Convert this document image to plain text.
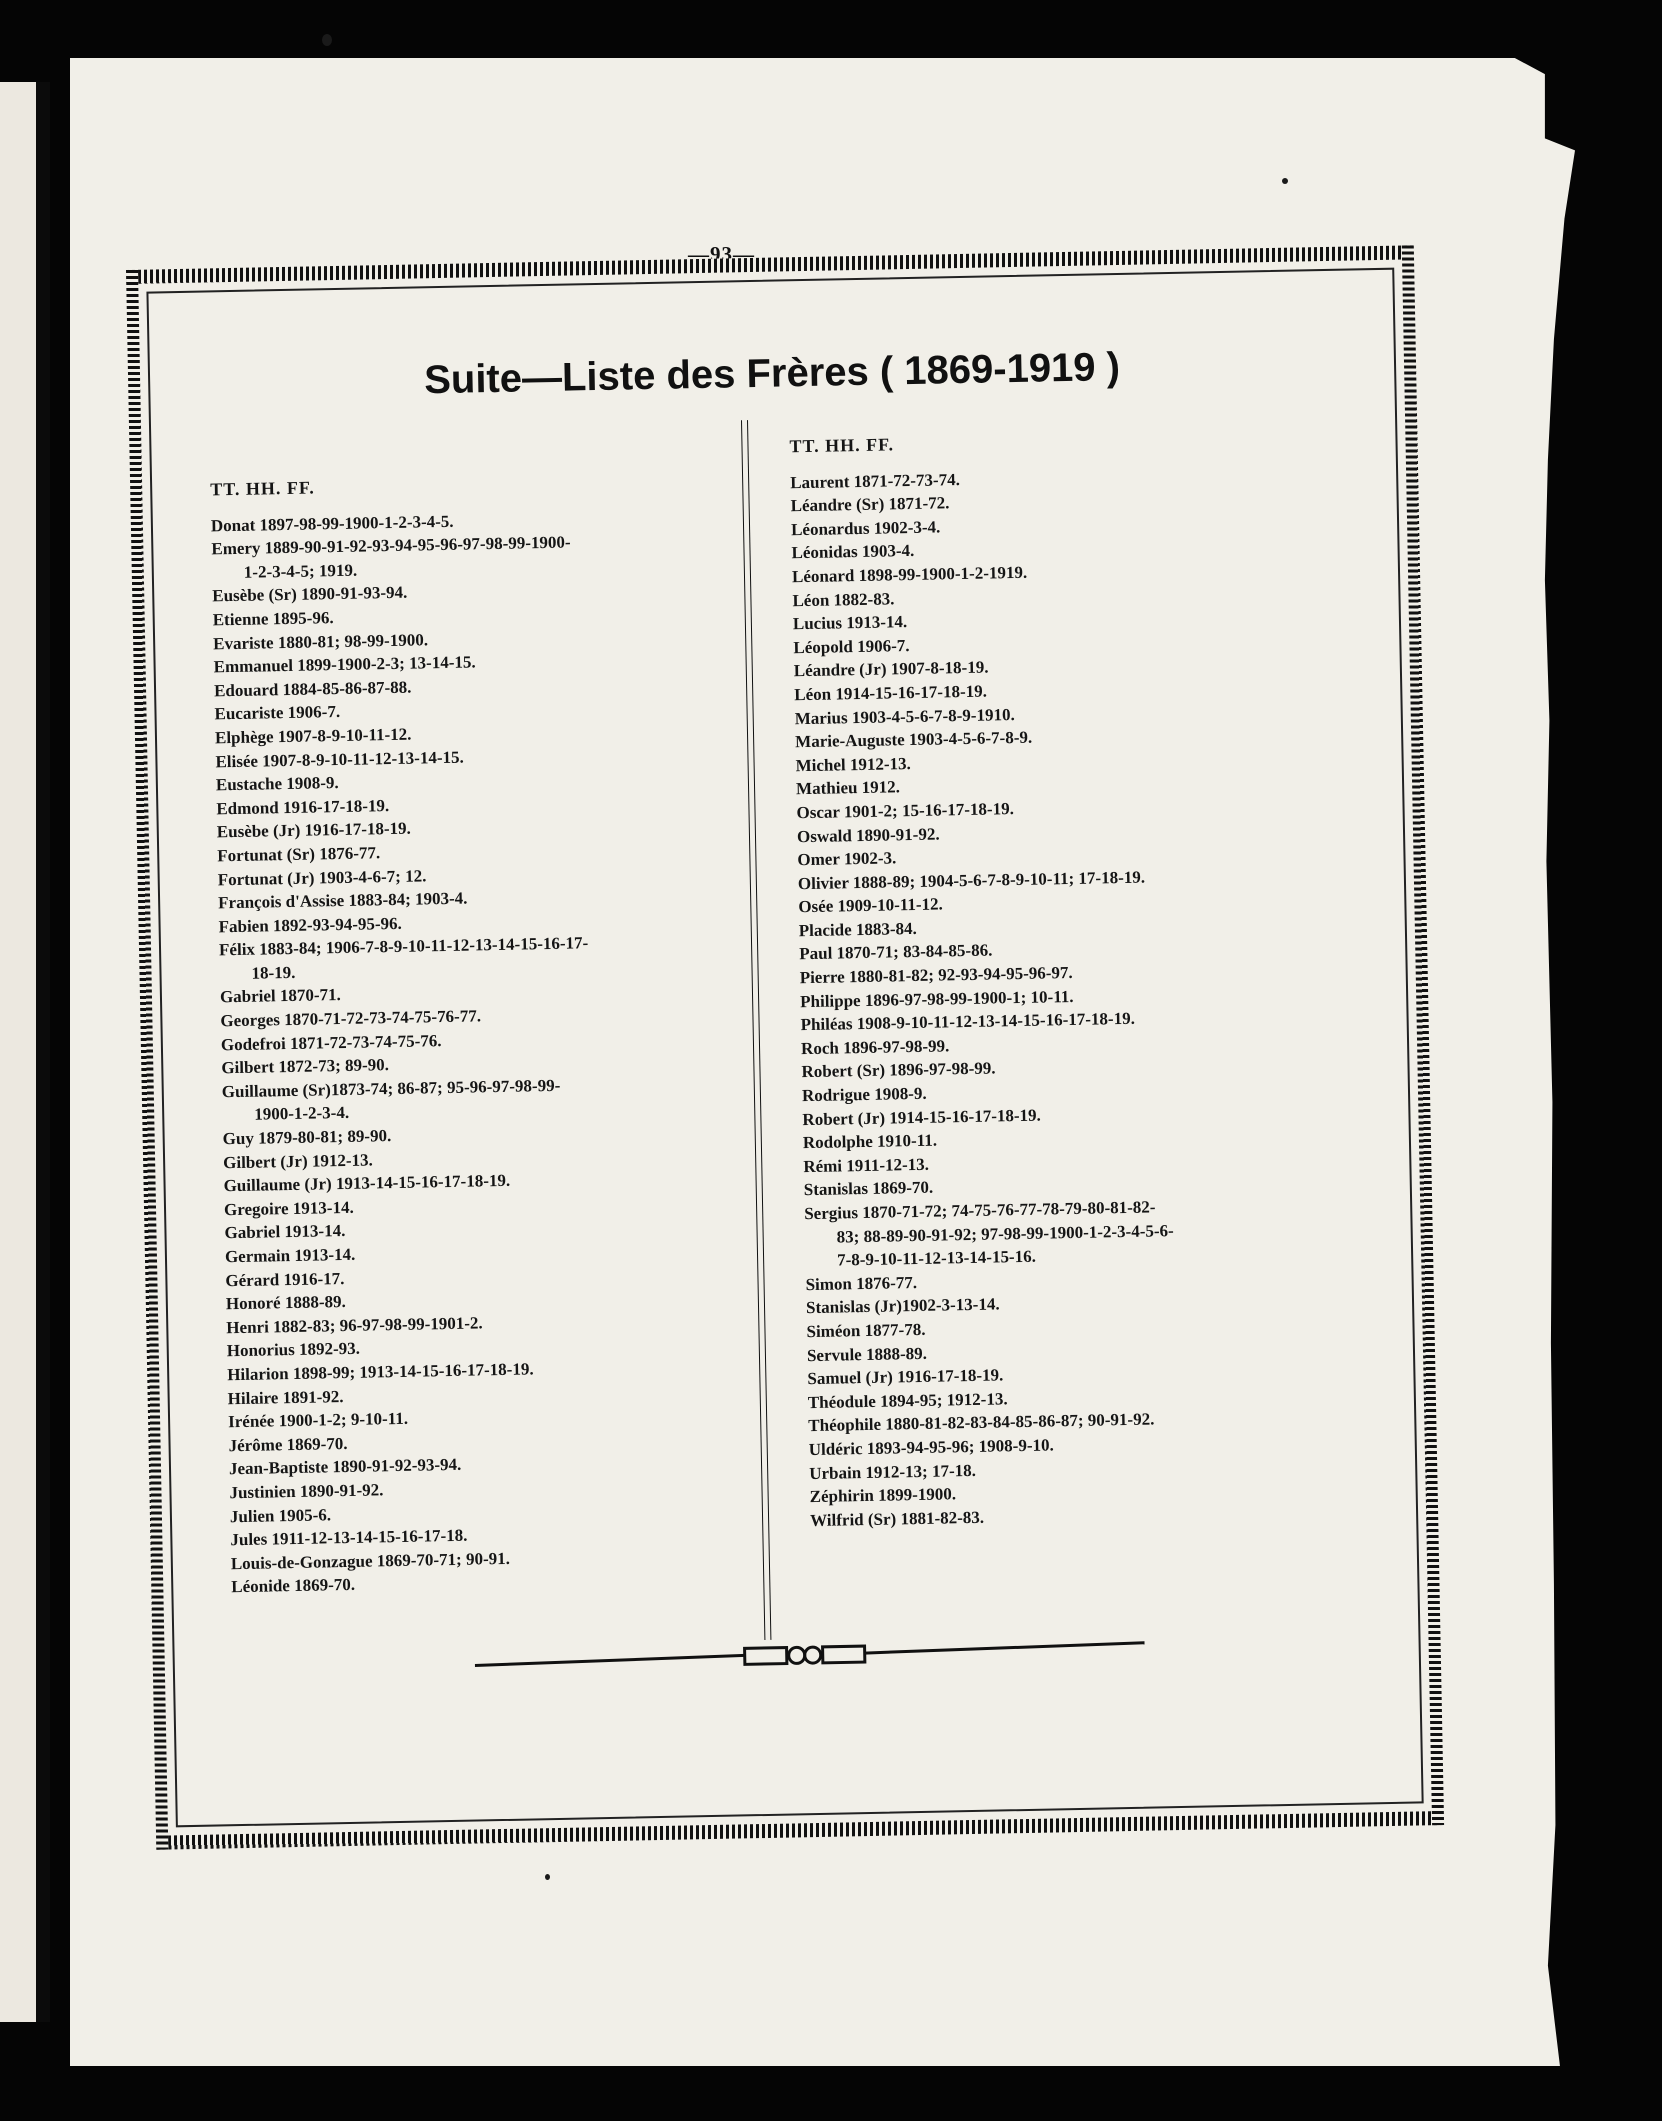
—93—
Suite—Liste des Frères ( 1869-1919 )
TT. HH. FF.
Donat 1897-98-99-1900-1-2-3-4-5.
Emery 1889-90-91-92-93-94-95-96-97-98-99-1900-
1-2-3-4-5; 1919.
Eusèbe (Sr) 1890-91-93-94.
Etienne 1895-96.
Evariste 1880-81; 98-99-1900.
Emmanuel 1899-1900-2-3; 13-14-15.
Edouard 1884-85-86-87-88.
Eucariste 1906-7.
Elphège 1907-8-9-10-11-12.
Elisée 1907-8-9-10-11-12-13-14-15.
Eustache 1908-9.
Edmond 1916-17-18-19.
Eusèbe (Jr) 1916-17-18-19.
Fortunat (Sr) 1876-77.
Fortunat (Jr) 1903-4-6-7; 12.
François d'Assise 1883-84; 1903-4.
Fabien 1892-93-94-95-96.
Félix 1883-84; 1906-7-8-9-10-11-12-13-14-15-16-17-
18-19.
Gabriel 1870-71.
Georges 1870-71-72-73-74-75-76-77.
Godefroi 1871-72-73-74-75-76.
Gilbert 1872-73; 89-90.
Guillaume (Sr)1873-74; 86-87; 95-96-97-98-99-
1900-1-2-3-4.
Guy 1879-80-81; 89-90.
Gilbert (Jr) 1912-13.
Guillaume (Jr) 1913-14-15-16-17-18-19.
Gregoire 1913-14.
Gabriel 1913-14.
Germain 1913-14.
Gérard 1916-17.
Honoré 1888-89.
Henri 1882-83; 96-97-98-99-1901-2.
Honorius 1892-93.
Hilarion 1898-99; 1913-14-15-16-17-18-19.
Hilaire 1891-92.
Irénée 1900-1-2; 9-10-11.
Jérôme 1869-70.
Jean-Baptiste 1890-91-92-93-94.
Justinien 1890-91-92.
Julien 1905-6.
Jules 1911-12-13-14-15-16-17-18.
Louis-de-Gonzague 1869-70-71; 90-91.
Léonide 1869-70.
TT. HH. FF.
Laurent 1871-72-73-74.
Léandre (Sr) 1871-72.
Léonardus 1902-3-4.
Léonidas 1903-4.
Léonard 1898-99-1900-1-2-1919.
Léon 1882-83.
Lucius 1913-14.
Léopold 1906-7.
Léandre (Jr) 1907-8-18-19.
Léon 1914-15-16-17-18-19.
Marius 1903-4-5-6-7-8-9-1910.
Marie-Auguste 1903-4-5-6-7-8-9.
Michel 1912-13.
Mathieu 1912.
Oscar 1901-2; 15-16-17-18-19.
Oswald 1890-91-92.
Omer 1902-3.
Olivier 1888-89; 1904-5-6-7-8-9-10-11; 17-18-19.
Osée 1909-10-11-12.
Placide 1883-84.
Paul 1870-71; 83-84-85-86.
Pierre 1880-81-82; 92-93-94-95-96-97.
Philippe 1896-97-98-99-1900-1; 10-11.
Philéas 1908-9-10-11-12-13-14-15-16-17-18-19.
Roch 1896-97-98-99.
Robert (Sr) 1896-97-98-99.
Rodrigue 1908-9.
Robert (Jr) 1914-15-16-17-18-19.
Rodolphe 1910-11.
Rémi 1911-12-13.
Stanislas 1869-70.
Sergius 1870-71-72; 74-75-76-77-78-79-80-81-82-
83; 88-89-90-91-92; 97-98-99-1900-1-2-3-4-5-6-
7-8-9-10-11-12-13-14-15-16.
Simon 1876-77.
Stanislas (Jr)1902-3-13-14.
Siméon 1877-78.
Servule 1888-89.
Samuel (Jr) 1916-17-18-19.
Théodule 1894-95; 1912-13.
Théophile 1880-81-82-83-84-85-86-87; 90-91-92.
Uldéric 1893-94-95-96; 1908-9-10.
Urbain 1912-13; 17-18.
Zéphirin 1899-1900.
Wilfrid (Sr) 1881-82-83.
